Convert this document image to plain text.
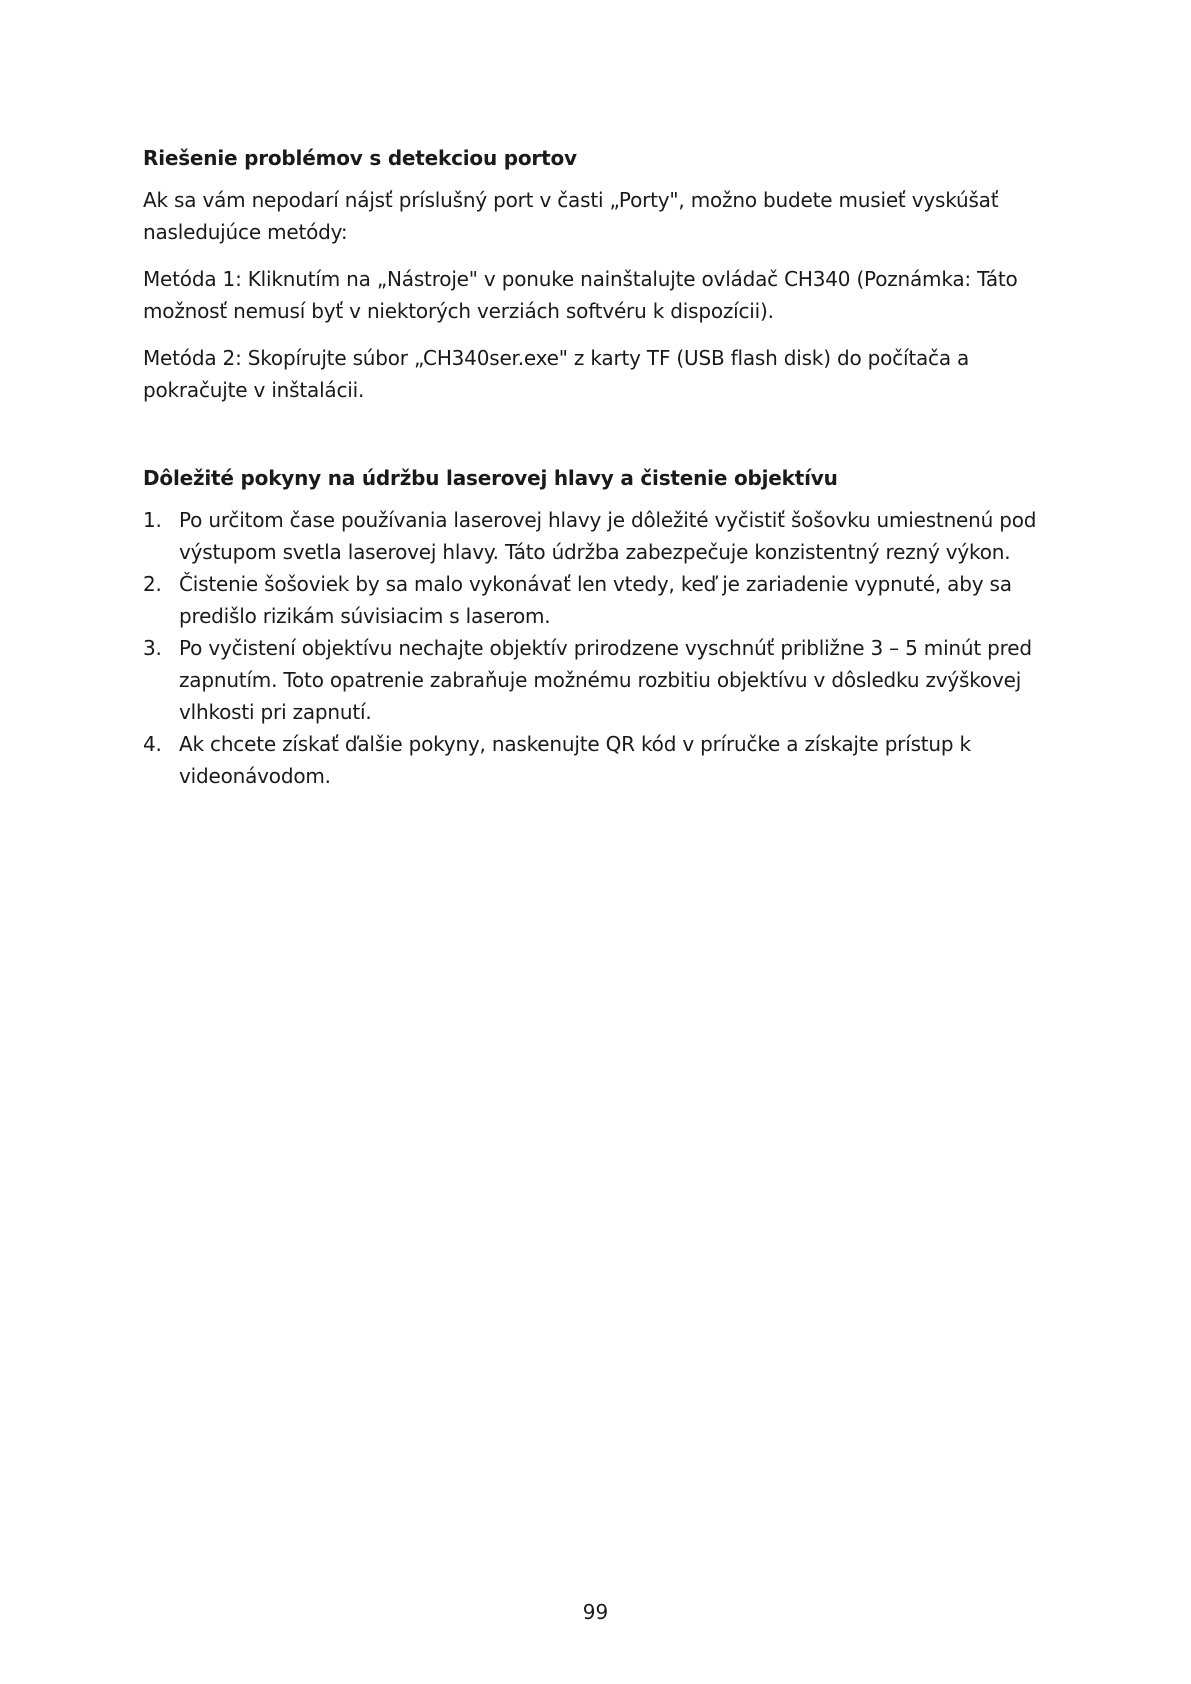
Riešenie problémov s detekciou portov

Ak sa vám nepodarí nájsť príslušný port v časti „Porty", možno budete musieť vyskúšať nasledujúce metódy:

Metóda 1: Kliknutím na „Nástroje" v ponuke nainštalujte ovládač CH340 (Poznámka: Táto možnosť nemusí byť v niektorých verziách softvéru k dispozícii).

Metóda 2: Skopírujte súbor „CH340ser.exe" z karty TF (USB flash disk) do počítača a pokračujte v inštalácii.

Dôležité pokyny na údržbu laserovej hlavy a čistenie objektívu
1. Po určitom čase používania laserovej hlavy je dôležité vyčistiť šošovku umiestnenú pod výstupom svetla laserovej hlavy. Táto údržba zabezpečuje konzistentný rezný výkon.
2. Čistenie šošoviek by sa malo vykonávať len vtedy, keď je zariadenie vypnuté, aby sa predišlo rizikám súvisiacim s laserom.
3. Po vyčistení objektívu nechajte objektív prirodzene vyschnúť približne 3 – 5 minút pred zapnutím. Toto opatrenie zabraňuje možnému rozbitiu objektívu v dôsledku zvýškovej vlhkosti pri zapnutí.
4. Ak chcete získať ďalšie pokyny, naskenujte QR kód v príručke a získajte prístup k videonávodom.
99
